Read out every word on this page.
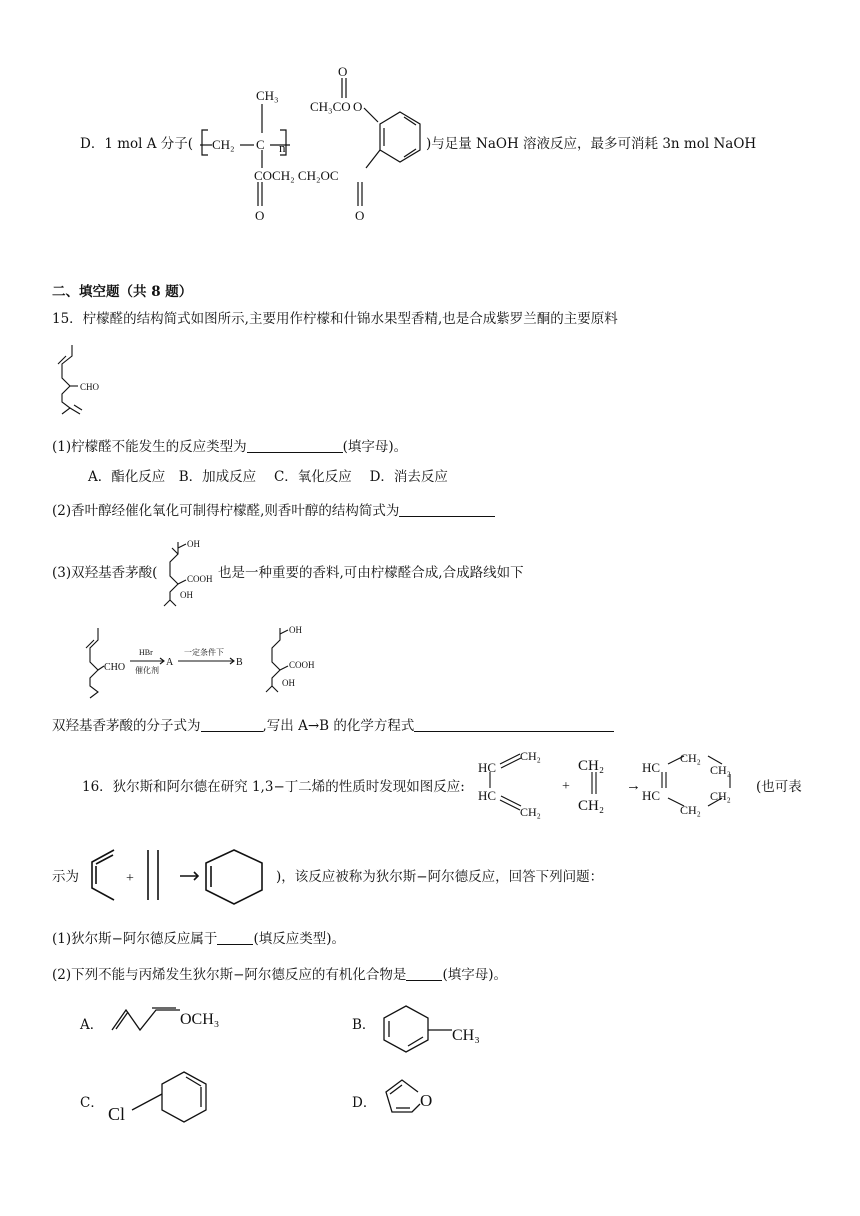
D．1 mol A 分子(
CH₃
CH₂ C n
CH₃CO O
O
COCH₂ CH₂OC
O	O
)与足量 NaOH 溶液反应，最多可消耗 3n mol NaOH
二、填空题（共 8 题）
15．柠檬醛的结构简式如图所示,主要用作柠檬和什锦水果型香精,也是合成紫罗兰酮的主要原料
CHO
(1)柠檬醛不能发生的反应类型为	(填字母)。
A．酯化反应　B．加成反应　 C．氧化反应　 D．消去反应
(2)香叶醇经催化氧化可制得柠檬醛,则香叶醇的结构简式为
(3)双羟基香茅酸(
OH
COOH
OH
也是一种重要的香料,可由柠檬醛合成,合成路线如下
CHO
HBr
催化剂
A
一定条件下
B
OH
COOH
OH
双羟基香茅酸的分子式为	,写出 A→B 的化学方程式
16．狄尔斯和阿尔德在研究 1,3−丁二烯的性质时发现如图反应:
HC
CH₂
HC
CH₂
+
CH₂
CH₂
→
HC
HC
CH₂
CH₂
CH₂
CH₂
(也可表
示为	+	)，该反应被称为狄尔斯−阿尔德反应，回答下列问题：
(1)狄尔斯−阿尔德反应属于	(填反应类型)。
(2)下列不能与丙烯发生狄尔斯−阿尔德反应的有机化合物是	(填字母)。
A．	OCH₃	B．
CH₃
C．
Cl
D．	O
